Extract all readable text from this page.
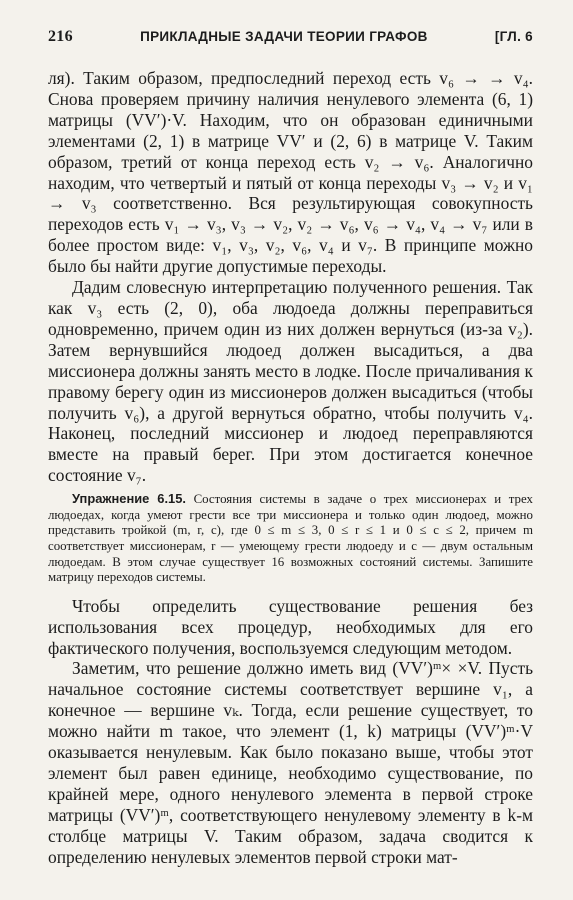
216	ПРИКЛАДНЫЕ ЗАДАЧИ ТЕОРИИ ГРАФОВ	[ГЛ. 6

ля). Таким образом, предпоследний переход есть v₆ → → v₄. Снова проверяем причину наличия ненулевого элемента (6, 1) матрицы (VV′)·V. Находим, что он образован единичными элементами (2, 1) в матрице VV′ и (2, 6) в матрице V. Таким образом, третий от конца переход есть v₂ → v₆. Аналогично находим, что четвертый и пятый от конца переходы v₃ → v₂ и v₁ → v₃ соответственно. Вся результирующая совокупность переходов есть v₁ → v₃, v₃ → v₂, v₂ → v₆, v₆ → v₄, v₄ → v₇ или в более простом виде: v₁, v₃, v₂, v₆, v₄ и v₇. В принципе можно было бы найти другие допустимые переходы.

Дадим словесную интерпретацию полученного решения. Так как v₃ есть (2, 0), оба людоеда должны переправиться одновременно, причем один из них должен вернуться (из-за v₂). Затем вернувшийся людоед должен высадиться, а два миссионера должны занять место в лодке. После причаливания к правому берегу один из миссионеров должен высадиться (чтобы получить v₆), а другой вернуться обратно, чтобы получить v₄. Наконец, последний миссионер и людоед переправляются вместе на правый берег. При этом достигается конечное состояние v₇.

Упражнение 6.15. Состояния системы в задаче о трех миссионерах и трех людоедах, когда умеют грести все три миссионера и только один людоед, можно представить тройкой (m, r, c), где 0 ≤ m ≤ 3, 0 ≤ r ≤ 1 и 0 ≤ c ≤ 2, причем m соответствует миссионерам, r — умеющему грести людоеду и c — двум остальным людоедам. В этом случае существует 16 возможных состояний системы. Запишите матрицу переходов системы.

Чтобы определить существование решения без использования всех процедур, необходимых для его фактического получения, воспользуемся следующим методом.

Заметим, что решение должно иметь вид (VV′)ᵐ× ×V. Пусть начальное состояние системы соответствует вершине v₁, а конечное — вершине vₖ. Тогда, если решение существует, то можно найти m такое, что элемент (1, k) матрицы (VV′)ᵐ·V оказывается ненулевым. Как было показано выше, чтобы этот элемент был равен единице, необходимо существование, по крайней мере, одного ненулевого элемента в первой строке матрицы (VV′)ᵐ, соответствующего ненулевому элементу в k-м столбце матрицы V. Таким образом, задача сводится к определению ненулевых элементов первой строки мат-
